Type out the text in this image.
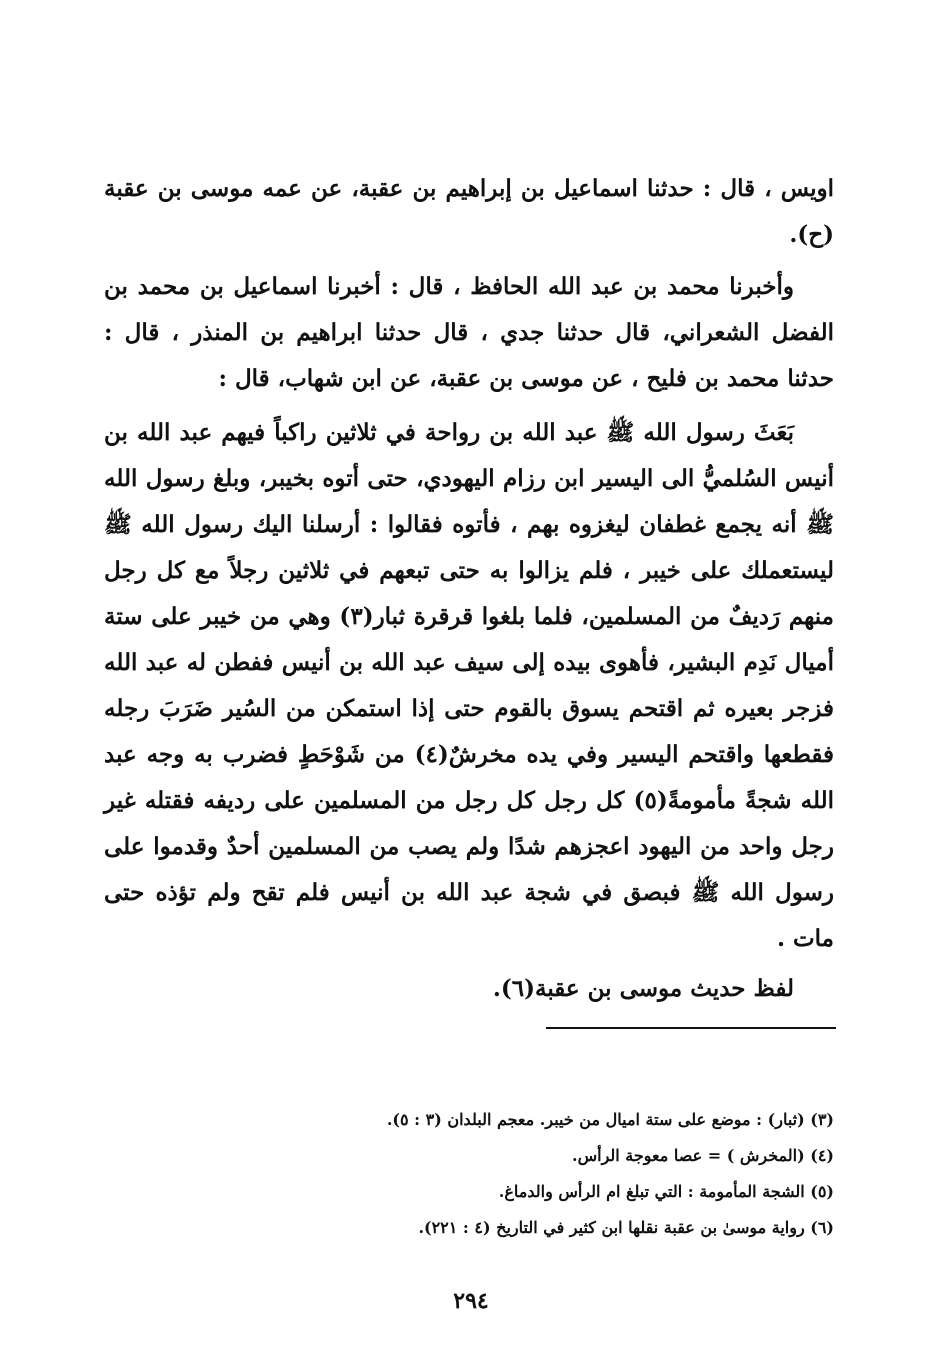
اويس ، قال : حدثنا اسماعيل بن إبراهيم بن عقبة، عن عمه موسى بن عقبة (ح).

وأخبرنا محمد بن عبد الله الحافظ ، قال : أخبرنا اسماعيل بن محمد بن الفضل الشعراني، قال حدثنا جدي ، قال حدثنا ابراهيم بن المنذر ، قال : حدثنا محمد بن فليح ، عن موسى بن عقبة، عن ابن شهاب، قال :

بَعَثَ رسول الله ﷺ عبد الله بن رواحة في ثلاثين راكباً فيهم عبد الله بن أنيس السُلميُّ الى اليسير ابن رزام اليهودي، حتى أتوه بخيبر، وبلغ رسول الله ﷺ أنه يجمع غطفان ليغزوه بهم ، فأتوه فقالوا : أرسلنا اليك رسول الله ﷺ ليستعملك على خيبر ، فلم يزالوا به حتى تبعهم في ثلاثين رجلاً مع كل رجل منهم رَديفٌ من المسلمين، فلما بلغوا قرقرة ثبار(٣) وهي من خيبر على ستة أميال نَدِم البشير، فأهوى بيده إلى سيف عبد الله بن أنيس ففطن له عبد الله فزجر بعيره ثم اقتحم يسوق بالقوم حتى إذا استمكن من السُير ضَرَبَ رجله فقطعها واقتحم اليسير وفي يده مخرشٌ(٤) من شَوْحَطٍ فضرب به وجه عبد الله شجةً مأمومةً(٥) كل رجل كل رجل من المسلمين على رديفه فقتله غير رجل واحد من اليهود اعجزهم شدًا ولم يصب من المسلمين أحدٌ وقدموا على رسول الله ﷺ فبصق في شجة عبد الله بن أنيس فلم تقح ولم تؤذه حتى مات .

لفظ حديث موسى بن عقبة(٦).

(٣) (ثبار) : موضع على ستة اميال من خيبر. معجم البلدان (٣ : ٥).

(٤) (المخرش ) = عصا معوجة الرأس.

(٥) الشجة المأمومة : التي تبلغ ام الرأس والدماغ.

(٦) رواية موسىٰ بن عقبة نقلها ابن كثير في التاريخ (٤ : ٢٢١).

٢٩٤
